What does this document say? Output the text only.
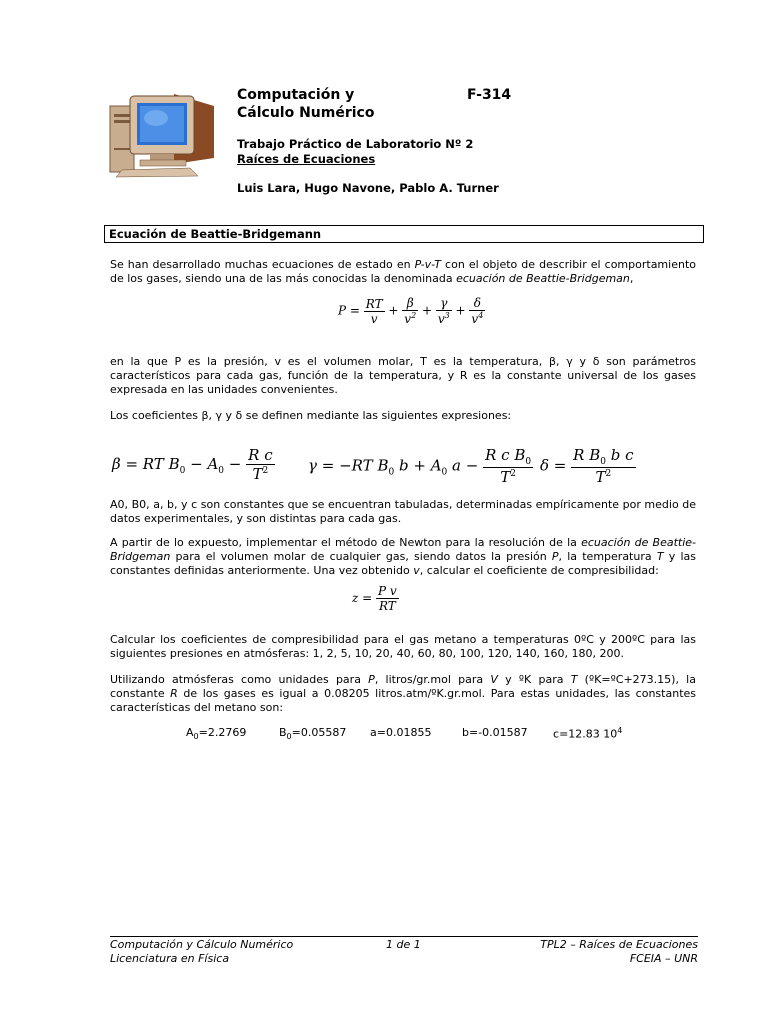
Computación y
Cálculo Numérico
F-314
Trabajo Práctico de Laboratorio Nº 2
Raíces de Ecuaciones
Luis Lara, Hugo Navone, Pablo A. Turner
Ecuación de Beattie-Bridgemann
Se han desarrollado muchas ecuaciones de estado en P-v-T con el objeto de describir el comportamiento de los gases, siendo una de las más conocidas la denominada ecuación de Beattie-Bridgeman,
$P = \frac{RT}{v} + \frac{\beta}{v^2} + \frac{\gamma}{v^3} + \frac{\delta}{v^4}$
en la que P es la presión, v es el volumen molar, T es la temperatura, β, γ y δ son parámetros característicos para cada gas, función de la temperatura, y R es la constante universal de los gases expresada en las unidades convenientes.
Los coeficientes β, γ y δ se definen mediante las siguientes expresiones:
β = RT $B_0 - A_0 - \frac{\text{R c}}{T^2}$ γ = −RT $B_0$ $b + A_0$ $a - \frac{R c B_0}{T^2}$ $\delta = \frac{R B_0 b c}{T^2}$
A0, B0, a, b, y c son constantes que se encuentran tabuladas, determinadas empíricamente por medio de datos experimentales, y son distintas para cada gas.
A partir de lo expuesto, implementar el método de Newton para la resolución de la ecuación de Beattie-Bridgeman para el volumen molar de cualquier gas, siendo datos la presión P, la temperatura T y las constantes definidas anteriormente. Una vez obtenido v, calcular el coeficiente de compresibilidad:
$z = \frac{\text{P v}}{RT}$
Calcular los coeficientes de compresibilidad para el gas metano a temperaturas 0ºC y 200ºC para las siguientes presiones en atmósferas: 1, 2, 5, 10, 20, 40, 60, 80, 100, 120, 140, 160, 180, 200.
Utilizando atmósferas como unidades para P, litros/gr.mol para V y ºK para T (ºK=ºC+273.15), la constante R de los gases es igual a 0.08205 litros.atm/ºK.gr.mol. Para estas unidades, las constantes características del metano son:
$A_0=2.2769$	$B_0=0.05587$ a=0.01855	b=-0.01587 c=12.83 $10^4$
Computación y Cálculo Numérico
Licenciatura en Física
1 de 1	TPL2 – Raíces de Ecuaciones
FCEIA – UNR
